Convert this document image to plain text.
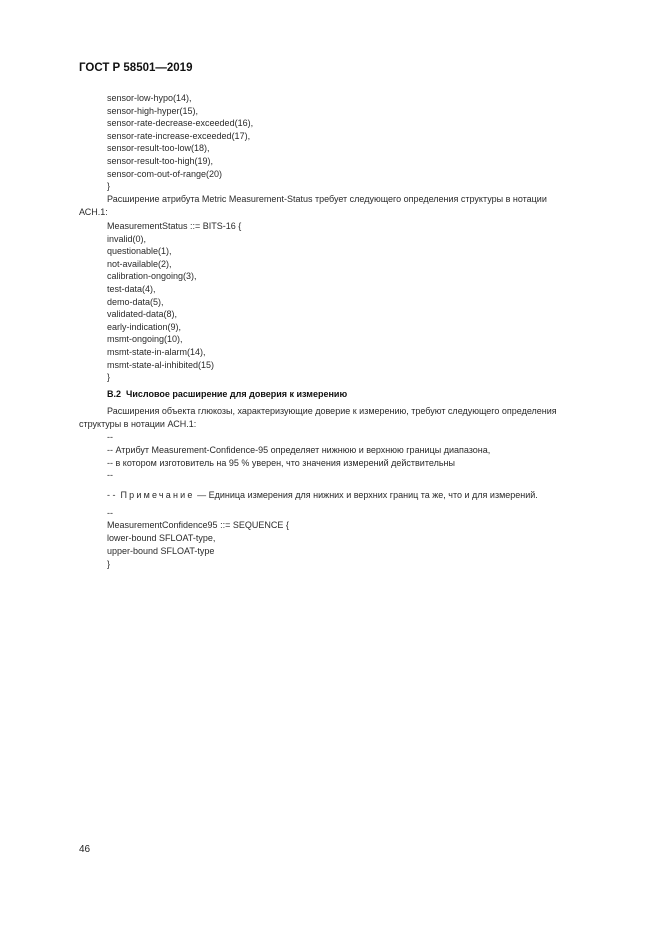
ГОСТ Р 58501—2019
sensor-low-hypo(14),
sensor-high-hyper(15),
sensor-rate-decrease-exceeded(16),
sensor-rate-increase-exceeded(17),
sensor-result-too-low(18),
sensor-result-too-high(19),
sensor-com-out-of-range(20)
}
Расширение атрибута Metric Measurement-Status требует следующего определения структуры в нотации
АСН.1:
MeasurementStatus ::= BITS-16 {
invalid(0),
questionable(1),
not-available(2),
calibration-ongoing(3),
test-data(4),
demo-data(5),
validated-data(8),
early-indication(9),
msmt-ongoing(10),
msmt-state-in-alarm(14),
msmt-state-al-inhibited(15)
}
В.2 Числовое расширение для доверия к измерению
Расширения объекта глюкозы, характеризующие доверие к измерению, требуют следующего определения
структуры в нотации АСН.1:
--
-- Атрибут Measurement-Confidence-95 определяет нижнюю и верхнюю границы диапазона,
-- в котором изготовитель на 95 % уверен, что значения измерений действительны
--
- - Примечание — Единица измерения для нижних и верхних границ та же, что и для измерений.
--
MeasurementConfidence95 ::= SEQUENCE {
lower-bound SFLOAT-type,
upper-bound SFLOAT-type
}
46
